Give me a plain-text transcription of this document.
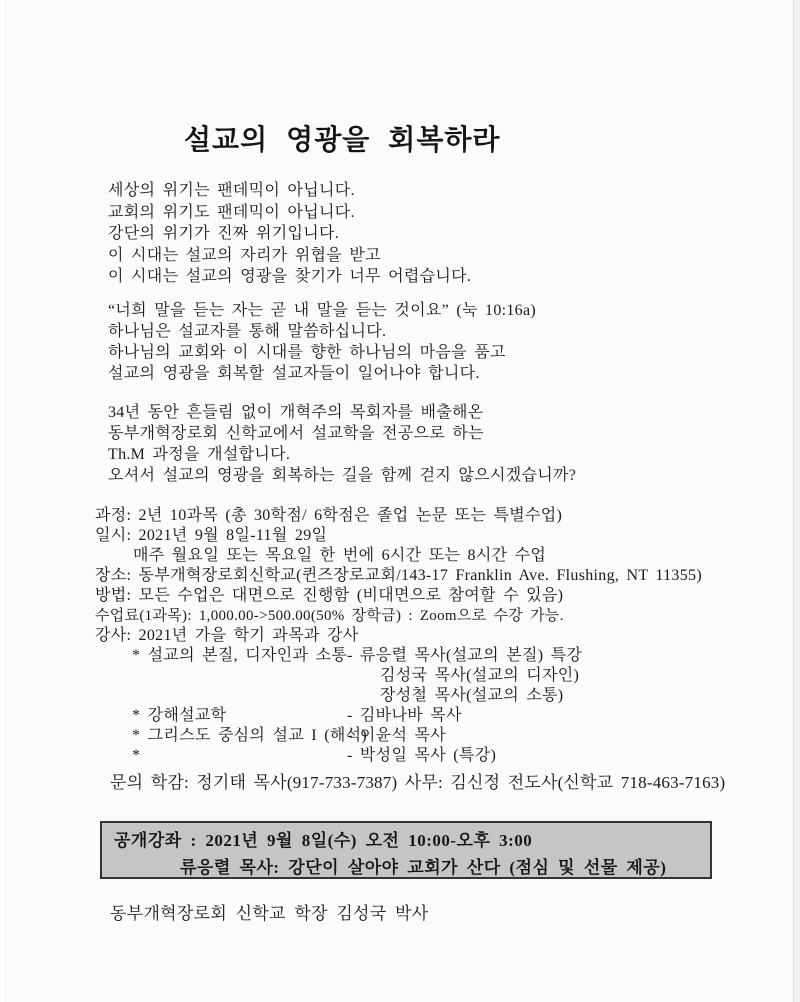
설교의 영광을 회복하라
세상의 위기는 팬데믹이 아닙니다.
교회의 위기도 팬데믹이 아닙니다.
강단의 위기가 진짜 위기입니다.
이 시대는 설교의 자리가 위협을 받고
이 시대는 설교의 영광을 찾기가 너무 어렵습니다.
“너희 말을 듣는 자는 곧 내 말을 듣는 것이요” (눅 10:16a)
하나님은 설교자를 통해 말씀하십니다.
하나님의 교회와 이 시대를 향한 하나님의 마음을 품고
설교의 영광을 회복할 설교자들이 일어나야 합니다.
34년 동안 흔들림 없이 개혁주의 목회자를 배출해온
동부개혁장로회 신학교에서 설교학을 전공으로 하는
Th.M 과정을 개설합니다.
오셔서 설교의 영광을 회복하는 길을 함께 걷지 않으시겠습니까?
과정: 2년 10과목 (총 30학점/ 6학점은 졸업 논문 또는 특별수업)
일시: 2021년 9월 8일-11월 29일
매주 월요일 또는 목요일 한 번에 6시간 또는 8시간 수업
장소: 동부개혁장로회신학교(퀸즈장로교회/143-17 Franklin Ave. Flushing, NT 11355)
방법: 모든 수업은 대면으로 진행함 (비대면으로 참여할 수 있음)
수업료(1과목): 1,000.00->500.00(50% 장학금) : Zoom으로 수강 가능.
강사: 2021년 가을 학기 과목과 강사
* 설교의 본질, 디자인과 소통- 류응렬 목사(설교의 본질) 특강
김성국 목사(설교의 디자인)
장성철 목사(설교의 소통)
* 강해설교학	- 김바나바 목사
* 그리스도 중심의 설교 I (해석)- 이윤석 목사
*	- 박성일 목사 (특강)
문의 학감: 정기태 목사(917-733-7387) 사무: 김신정 전도사(신학교 718-463-7163)
공개강좌 : 2021년 9월 8일(수) 오전 10:00-오후 3:00
류응렬 목사: 강단이 살아야 교회가 산다 (점심 및 선물 제공)
동부개혁장로회 신학교 학장 김성국 박사
